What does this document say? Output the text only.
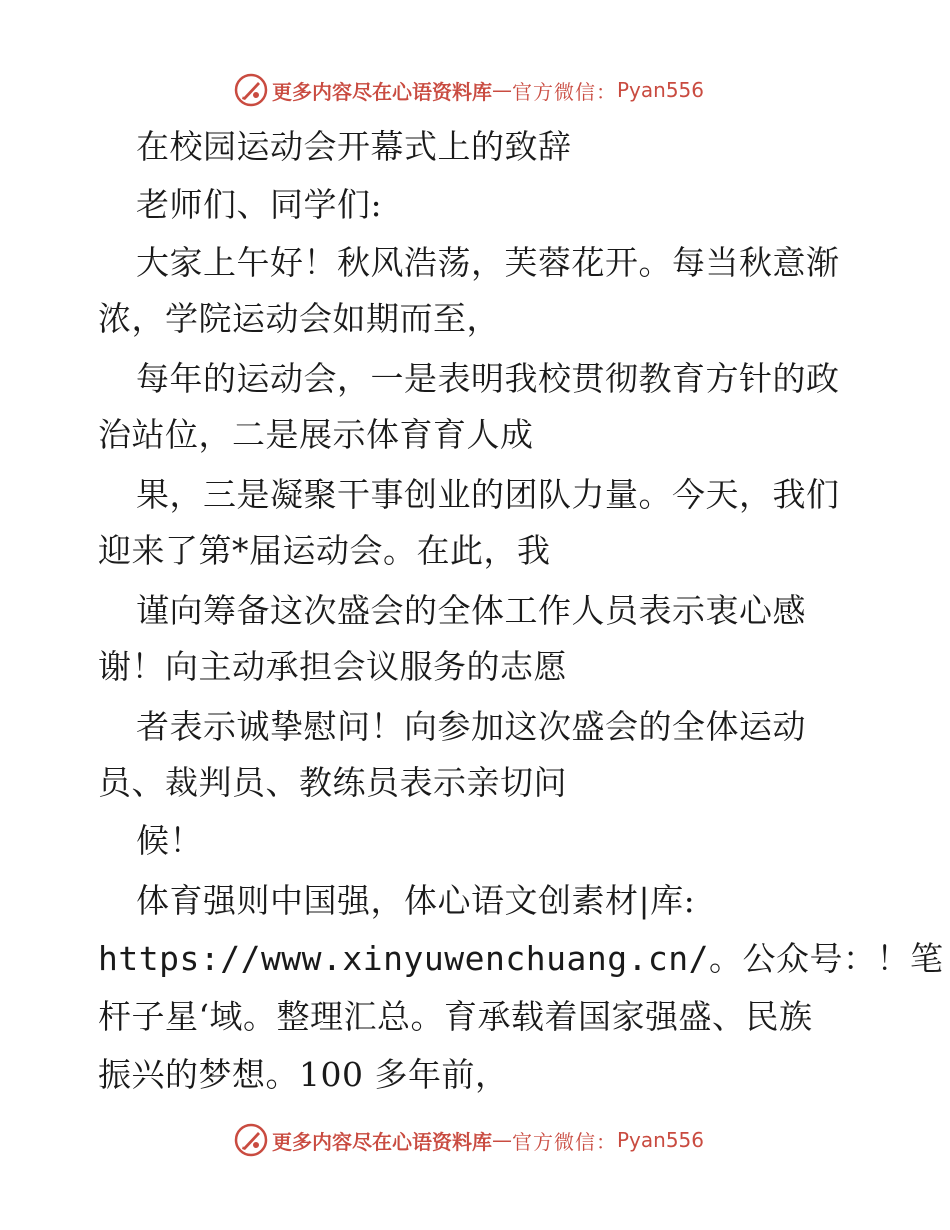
更多内容尽在心语资料库 — 官方微信： Pyan556
在校园运动会开幕式上的致辞
老师们、同学们:
大家上午好！秋风浩荡，芙蓉花开。每当秋意渐
浓，学院运动会如期而至，
每年的运动会，一是表明我校贯彻教育方针的政
治站位，二是展示体育育人成
果，三是凝聚干事创业的团队力量。今天，我们
迎来了第*届运动会。在此，我
谨向筹备这次盛会的全体工作人员表示衷心感
谢！向主动承担会议服务的志愿
者表示诚挚慰问！向参加这次盛会的全体运动
员、裁判员、教练员表示亲切问
候！
体育强则中国强，体心语文创素材|库:
https://www.xinyuwenchuang.cn/。公众号：！笔
杆子星‘域。整理汇总。育承载着国家强盛、民族
振兴的梦想。100 多年前，
更多内容尽在心语资料库 — 官方微信： Pyan556
